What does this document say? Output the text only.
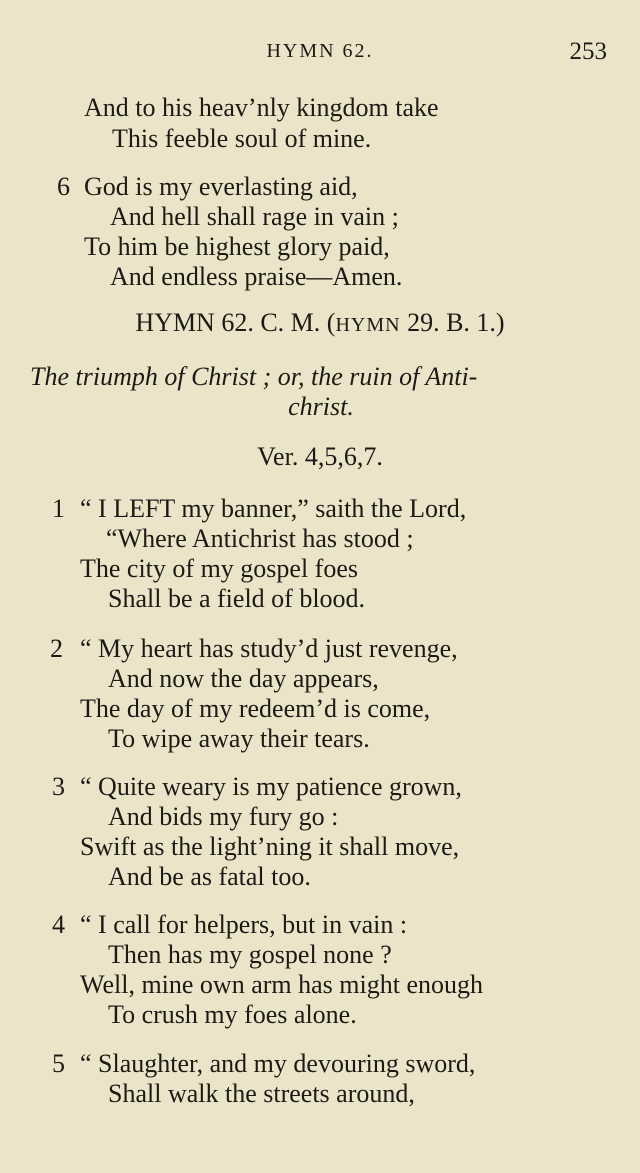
HYMN 62.	253
And to his heav’nly kingdom take
This feeble soul of mine.
6 God is my everlasting aid,
And hell shall rage in vain ;
To him be highest glory paid,
And endless praise—Amen.
HYMN 62. C. M. (HYMN 29. B. 1.)
The triumph of Christ ; or, the ruin of Anti-
christ.
Ver. 4,5,6,7.
1 “ I LEFT my banner,” saith the Lord,
“Where Antichrist has stood ;
The city of my gospel foes
Shall be a field of blood.
2 “ My heart has study’d just revenge,
And now the day appears,
The day of my redeem’d is come,
To wipe away their tears.
3 “ Quite weary is my patience grown,
And bids my fury go :
Swift as the light’ning it shall move,
And be as fatal too.
4 “ I call for helpers, but in vain :
Then has my gospel none ?
Well, mine own arm has might enough
To crush my foes alone.
5 “ Slaughter, and my devouring sword,
Shall walk the streets around,
